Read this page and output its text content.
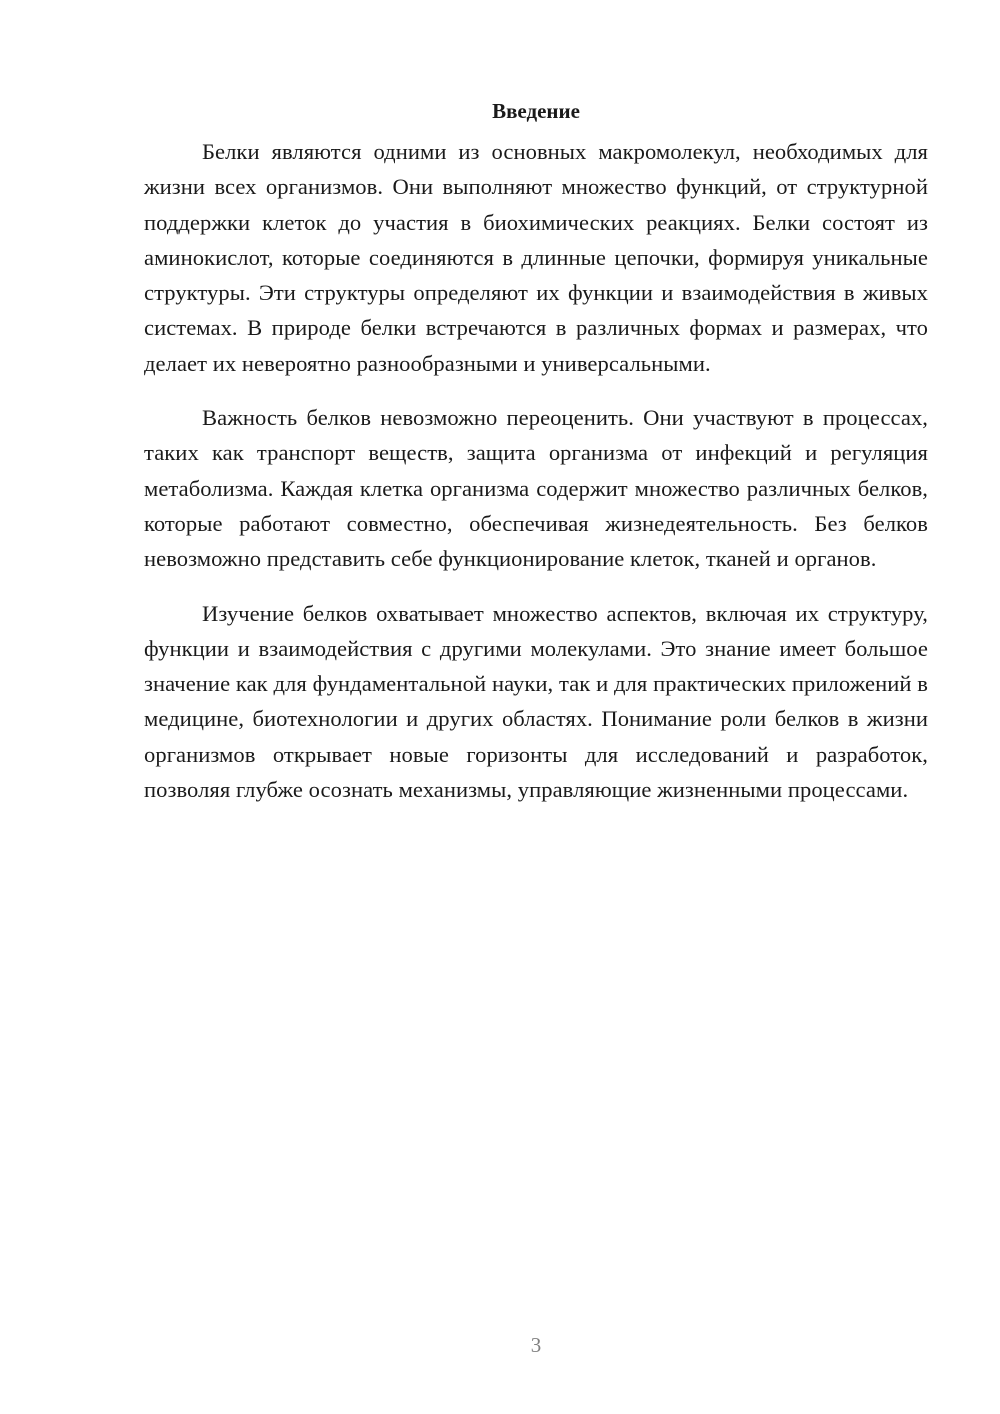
Введение

Белки являются одними из основных макромолекул, необходимых для жизни всех организмов. Они выполняют множество функций, от структурной поддержки клеток до участия в биохимических реакциях. Белки состоят из аминокислот, которые соединяются в длинные цепочки, формируя уникальные структуры. Эти структуры определяют их функции и взаимодействия в живых системах. В природе белки встречаются в различных формах и размерах, что делает их невероятно разнообразными и универсальными.

Важность белков невозможно переоценить. Они участвуют в процессах, таких как транспорт веществ, защита организма от инфекций и регуляция метаболизма. Каждая клетка организма содержит множество различных белков, которые работают совместно, обеспечивая жизнедеятельность. Без белков невозможно представить себе функционирование клеток, тканей и органов.

Изучение белков охватывает множество аспектов, включая их структуру, функции и взаимодействия с другими молекулами. Это знание имеет большое значение как для фундаментальной науки, так и для практических приложений в медицине, биотехнологии и других областях. Понимание роли белков в жизни организмов открывает новые горизонты для исследований и разработок, позволяя глубже осознать механизмы, управляющие жизненными процессами.

3
